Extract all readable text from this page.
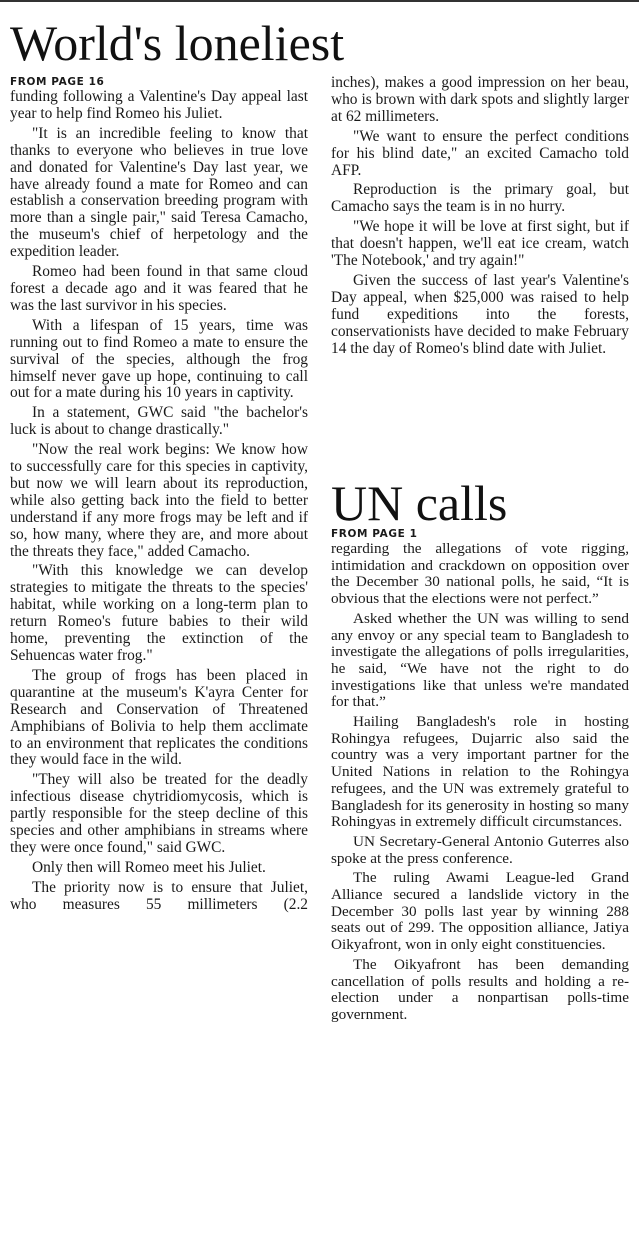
World's loneliest
FROM PAGE 16

funding following a Valentine's Day appeal last year to help find Romeo his Juliet.

"It is an incredible feeling to know that thanks to everyone who believes in true love and donated for Valentine's Day last year, we have already found a mate for Romeo and can establish a conservation breeding program with more than a single pair," said Teresa Camacho, the museum's chief of herpetology and the expedition leader.

Romeo had been found in that same cloud forest a decade ago and it was feared that he was the last survivor in his species.

With a lifespan of 15 years, time was running out to find Romeo a mate to ensure the survival of the species, although the frog himself never gave up hope, continuing to call out for a mate during his 10 years in captivity.

In a statement, GWC said "the bachelor's luck is about to change drastically."

"Now the real work begins: We know how to successfully care for this species in captivity, but now we will learn about its reproduction, while also getting back into the field to better understand if any more frogs may be left and if so, how many, where they are, and more about the threats they face," added Camacho.

"With this knowledge we can develop strategies to mitigate the threats to the species' habitat, while working on a long-term plan to return Romeo's future babies to their wild home, preventing the extinction of the Sehuencas water frog."

The group of frogs has been placed in quarantine at the museum's K'ayra Center for Research and Conservation of Threatened Amphibians of Bolivia to help them acclimate to an environment that replicates the conditions they would face in the wild.

"They will also be treated for the deadly infectious disease chytridiomycosis, which is partly responsible for the steep decline of this species and other amphibians in streams where they were once found," said GWC.

Only then will Romeo meet his Juliet.

The priority now is to ensure that Juliet, who measures 55 millimeters (2.2

inches), makes a good impression on her beau, who is brown with dark spots and slightly larger at 62 millimeters.

"We want to ensure the perfect conditions for his blind date," an excited Camacho told AFP.

Reproduction is the primary goal, but Camacho says the team is in no hurry.

"We hope it will be love at first sight, but if that doesn't happen, we'll eat ice cream, watch 'The Notebook,' and try again!"

Given the success of last year's Valentine's Day appeal, when $25,000 was raised to help fund expeditions into the forests, conservationists have decided to make February 14 the day of Romeo's blind date with Juliet.

UN calls
FROM PAGE 1

regarding the allegations of vote rigging, intimidation and crackdown on opposition over the December 30 national polls, he said, “It is obvious that the elections were not perfect.”

Asked whether the UN was willing to send any envoy or any special team to Bangladesh to investigate the allegations of polls irregularities, he said, “We have not the right to do investigations like that unless we're mandated for that.”

Hailing Bangladesh's role in hosting Rohingya refugees, Dujarric also said the country was a very important partner for the United Nations in relation to the Rohingya refugees, and the UN was extremely grateful to Bangladesh for its generosity in hosting so many Rohingyas in extremely difficult circumstances.

UN Secretary-General Antonio Guterres also spoke at the press conference.

The ruling Awami League-led Grand Alliance secured a landslide victory in the December 30 polls last year by winning 288 seats out of 299. The opposition alliance, Jatiya Oikyafront, won in only eight constituencies.

The Oikyafront has been demanding cancellation of polls results and holding a re-election under a nonpartisan polls-time government.
